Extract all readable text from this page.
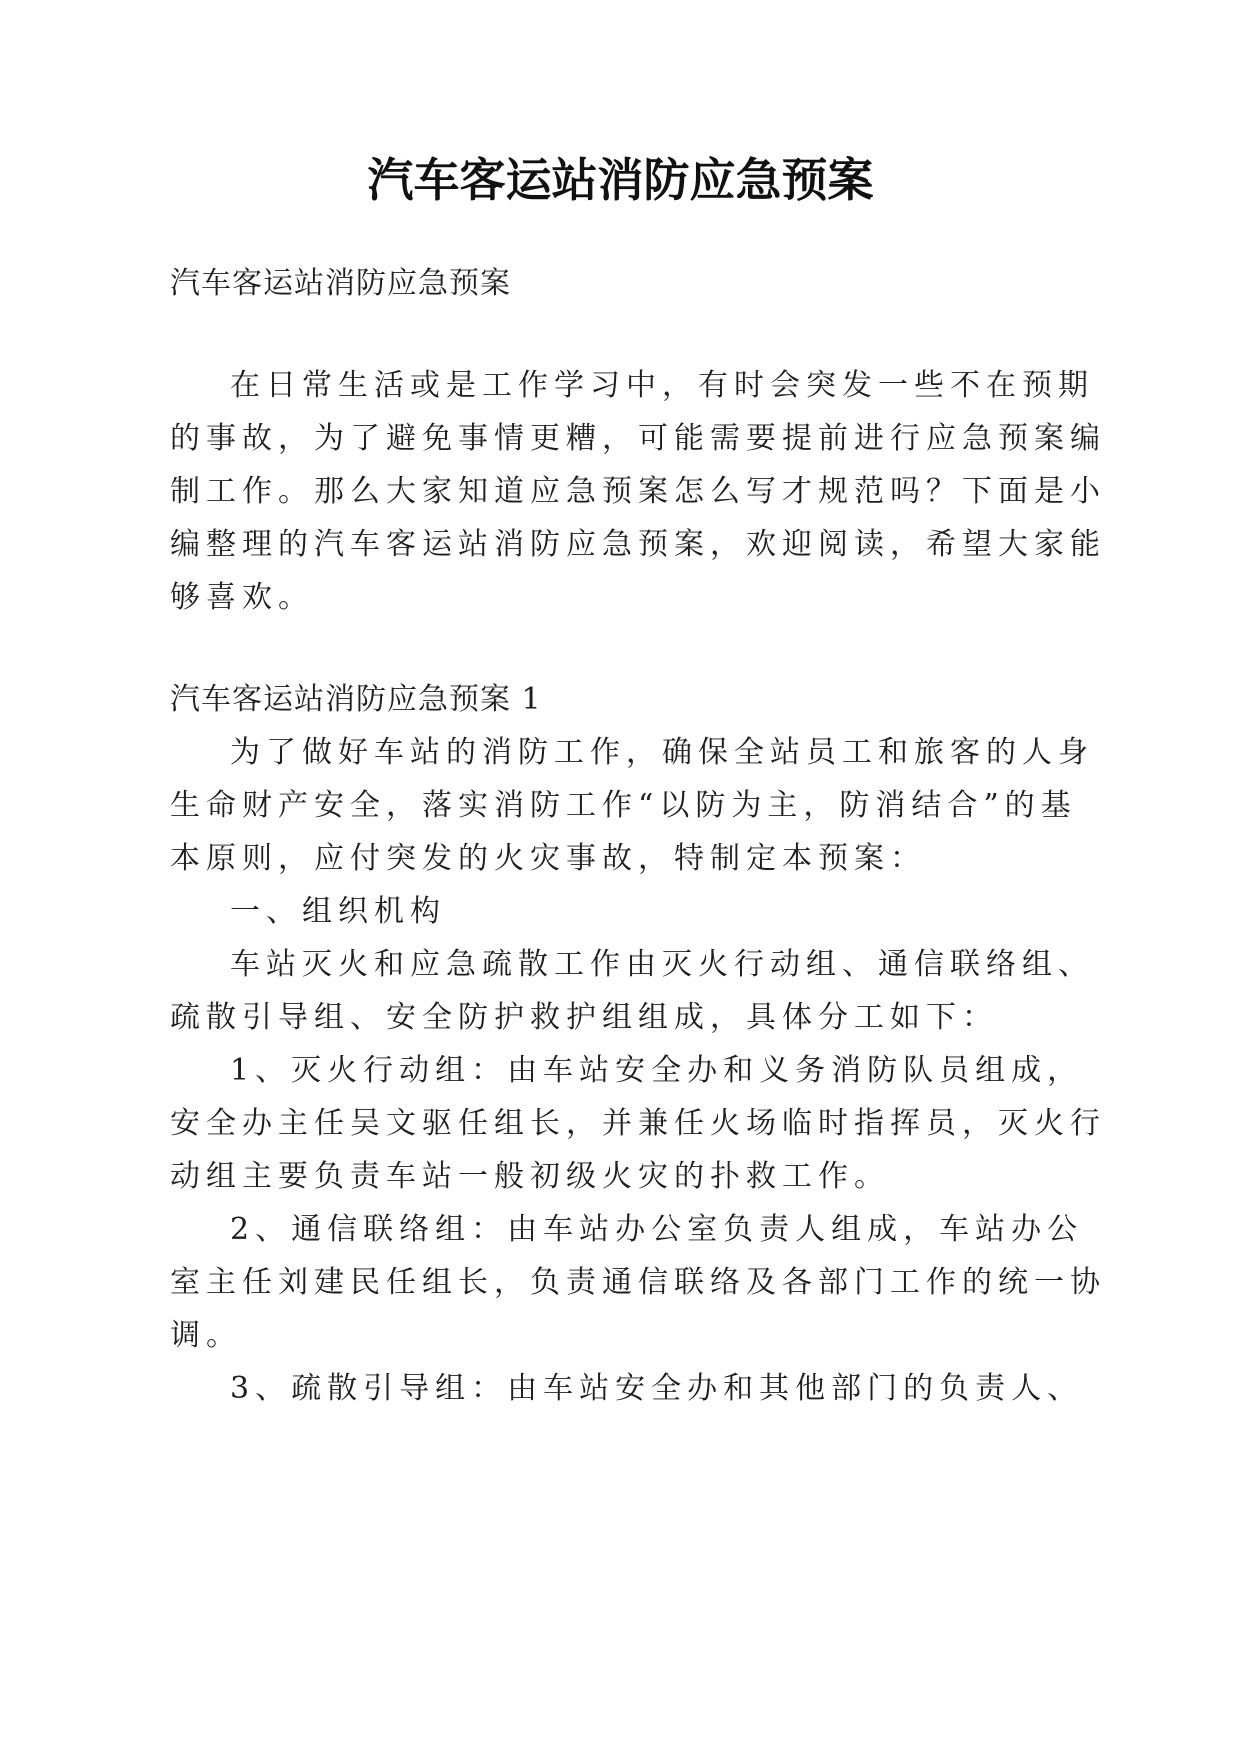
汽车客运站消防应急预案

汽车客运站消防应急预案

在日常生活或是工作学习中，有时会突发一些不在预期

的事故，为了避免事情更糟，可能需要提前进行应急预案编

制工作。那么大家知道应急预案怎么写才规范吗？下面是小

编整理的汽车客运站消防应急预案，欢迎阅读，希望大家能

够喜欢。

汽车客运站消防应急预案 1

为了做好车站的消防工作，确保全站员工和旅客的人身

生命财产安全，落实消防工作“以防为主，防消结合”的基

本原则，应付突发的火灾事故，特制定本预案：

一、组织机构

车站灭火和应急疏散工作由灭火行动组、通信联络组、

疏散引导组、安全防护救护组组成，具体分工如下：

1、灭火行动组：由车站安全办和义务消防队员组成，

安全办主任吴文驱任组长，并兼任火场临时指挥员，灭火行

动组主要负责车站一般初级火灾的扑救工作。

2、通信联络组：由车站办公室负责人组成，车站办公

室主任刘建民任组长，负责通信联络及各部门工作的统一协

调。

3、疏散引导组：由车站安全办和其他部门的负责人、
